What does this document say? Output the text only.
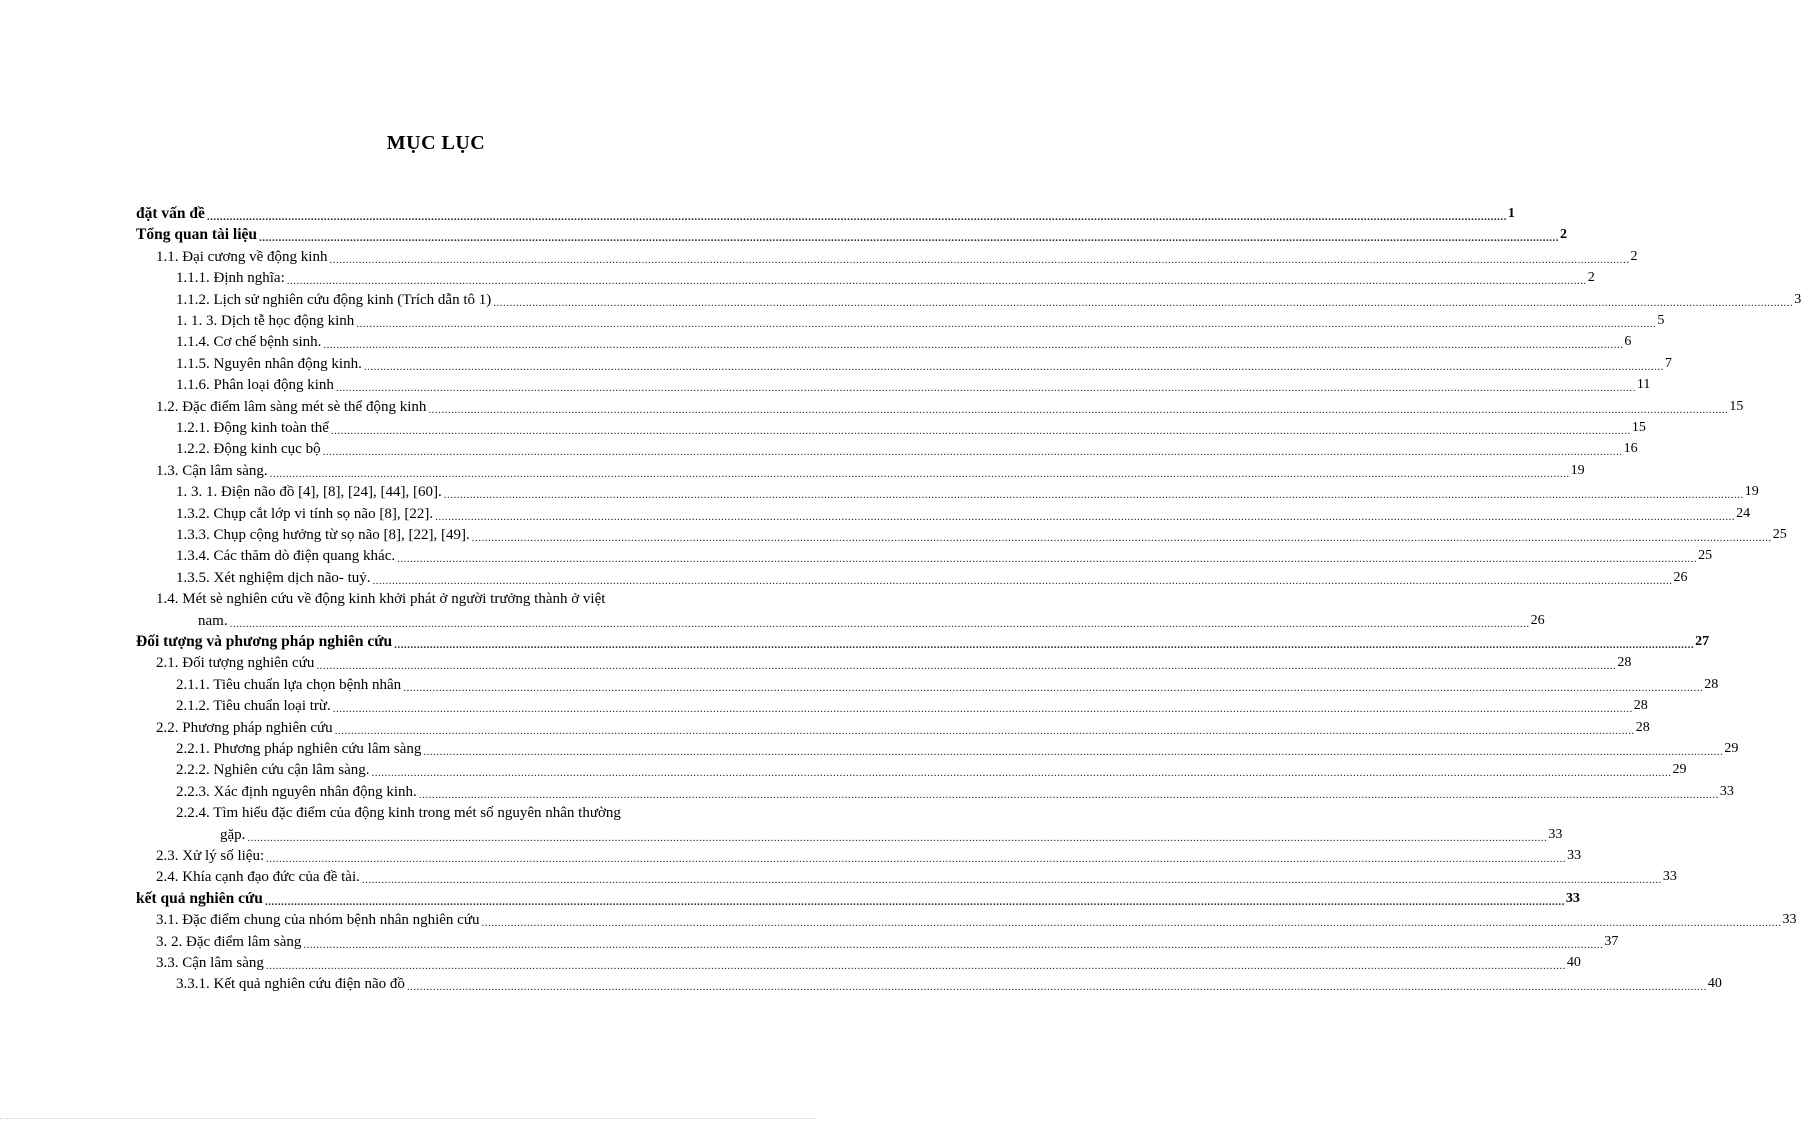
MỤC LỤC
đặt vấn đề ................................................................................................................................................................................................................................................................................................................................................................................................................ 1
Tổng quan tài liệu ................................................................................................................................................................................................................................................................................................................................................................................................................ 2
1.1. Đại cương về động kinh ................................................................................................................................................................................................................................................................................................................................................................................................................ 2
1.1.1. Định nghĩa: ................................................................................................................................................................................................................................................................................................................................................................................................................ 2
1.1.2. Lịch sử nghiên cứu động kinh (Trích dẫn tô 1) ................................................................................................................................................................................................................................................................................................................................................................................................................ 3
1. 1. 3. Dịch tễ học động kinh ................................................................................................................................................................................................................................................................................................................................................................................................................ 5
1.1.4. Cơ chế bệnh sinh. ................................................................................................................................................................................................................................................................................................................................................................................................................ 6
1.1.5. Nguyên nhân động kinh. ................................................................................................................................................................................................................................................................................................................................................................................................................ 7
1.1.6. Phân loại động kinh ................................................................................................................................................................................................................................................................................................................................................................................................................ 11
1.2. Đặc điểm lâm sàng mét sè thể động kinh ................................................................................................................................................................................................................................................................................................................................................................................................................ 15
1.2.1. Động kinh toàn thể ................................................................................................................................................................................................................................................................................................................................................................................................................ 15
1.2.2. Động kinh cục bộ ................................................................................................................................................................................................................................................................................................................................................................................................................ 16
1.3. Cận lâm sàng. ................................................................................................................................................................................................................................................................................................................................................................................................................ 19
1. 3. 1. Điện não đồ [4], [8], [24], [44], [60]. ................................................................................................................................................................................................................................................................................................................................................................................................................ 19
1.3.2. Chụp cắt lớp vi tính sọ não [8], [22]. ................................................................................................................................................................................................................................................................................................................................................................................................................ 24
1.3.3. Chụp cộng hưởng từ sọ não [8], [22], [49]. ................................................................................................................................................................................................................................................................................................................................................................................................................ 25
1.3.4. Các thăm dò điện quang khác. ................................................................................................................................................................................................................................................................................................................................................................................................................ 25
1.3.5. Xét nghiệm dịch não- tuỷ. ................................................................................................................................................................................................................................................................................................................................................................................................................ 26
1.4. Mét sè nghiên cứu về động kinh khởi phát ở người trưởng thành ở việt
nam. ................................................................................................................................................................................................................................................................................................................................................................................................................ 26
Đối tượng và phương pháp nghiên cứu ................................................................................................................................................................................................................................................................................................................................................................................................................ 27
2.1. Đối tượng nghiên cứu ................................................................................................................................................................................................................................................................................................................................................................................................................ 28
2.1.1. Tiêu chuẩn lựa chọn bệnh nhân ................................................................................................................................................................................................................................................................................................................................................................................................................ 28
2.1.2. Tiêu chuẩn loại trừ. ................................................................................................................................................................................................................................................................................................................................................................................................................ 28
2.2. Phương pháp nghiên cứu ................................................................................................................................................................................................................................................................................................................................................................................................................ 28
2.2.1. Phương pháp nghiên cứu lâm sàng ................................................................................................................................................................................................................................................................................................................................................................................................................ 29
2.2.2. Nghiên cứu cận lâm sàng. ................................................................................................................................................................................................................................................................................................................................................................................................................ 29
2.2.3. Xác định nguyên nhân động kinh. ................................................................................................................................................................................................................................................................................................................................................................................................................ 33
2.2.4. Tìm hiểu đặc điểm của động kinh trong mét số nguyên nhân thường
gặp. ................................................................................................................................................................................................................................................................................................................................................................................................................ 33
2.3. Xử lý số liệu: ................................................................................................................................................................................................................................................................................................................................................................................................................ 33
2.4. Khía cạnh đạo đức của đề tài. ................................................................................................................................................................................................................................................................................................................................................................................................................ 33
kết quả nghiên cứu ................................................................................................................................................................................................................................................................................................................................................................................................................ 33
3.1. Đặc điểm chung của nhóm bệnh nhân nghiên cứu ................................................................................................................................................................................................................................................................................................................................................................................................................ 33
3. 2. Đặc điểm lâm sàng ................................................................................................................................................................................................................................................................................................................................................................................................................ 37
3.3. Cận lâm sàng ................................................................................................................................................................................................................................................................................................................................................................................................................ 40
3.3.1. Kết quả nghiên cứu điện não đồ ................................................................................................................................................................................................................................................................................................................................................................................................................ 40
